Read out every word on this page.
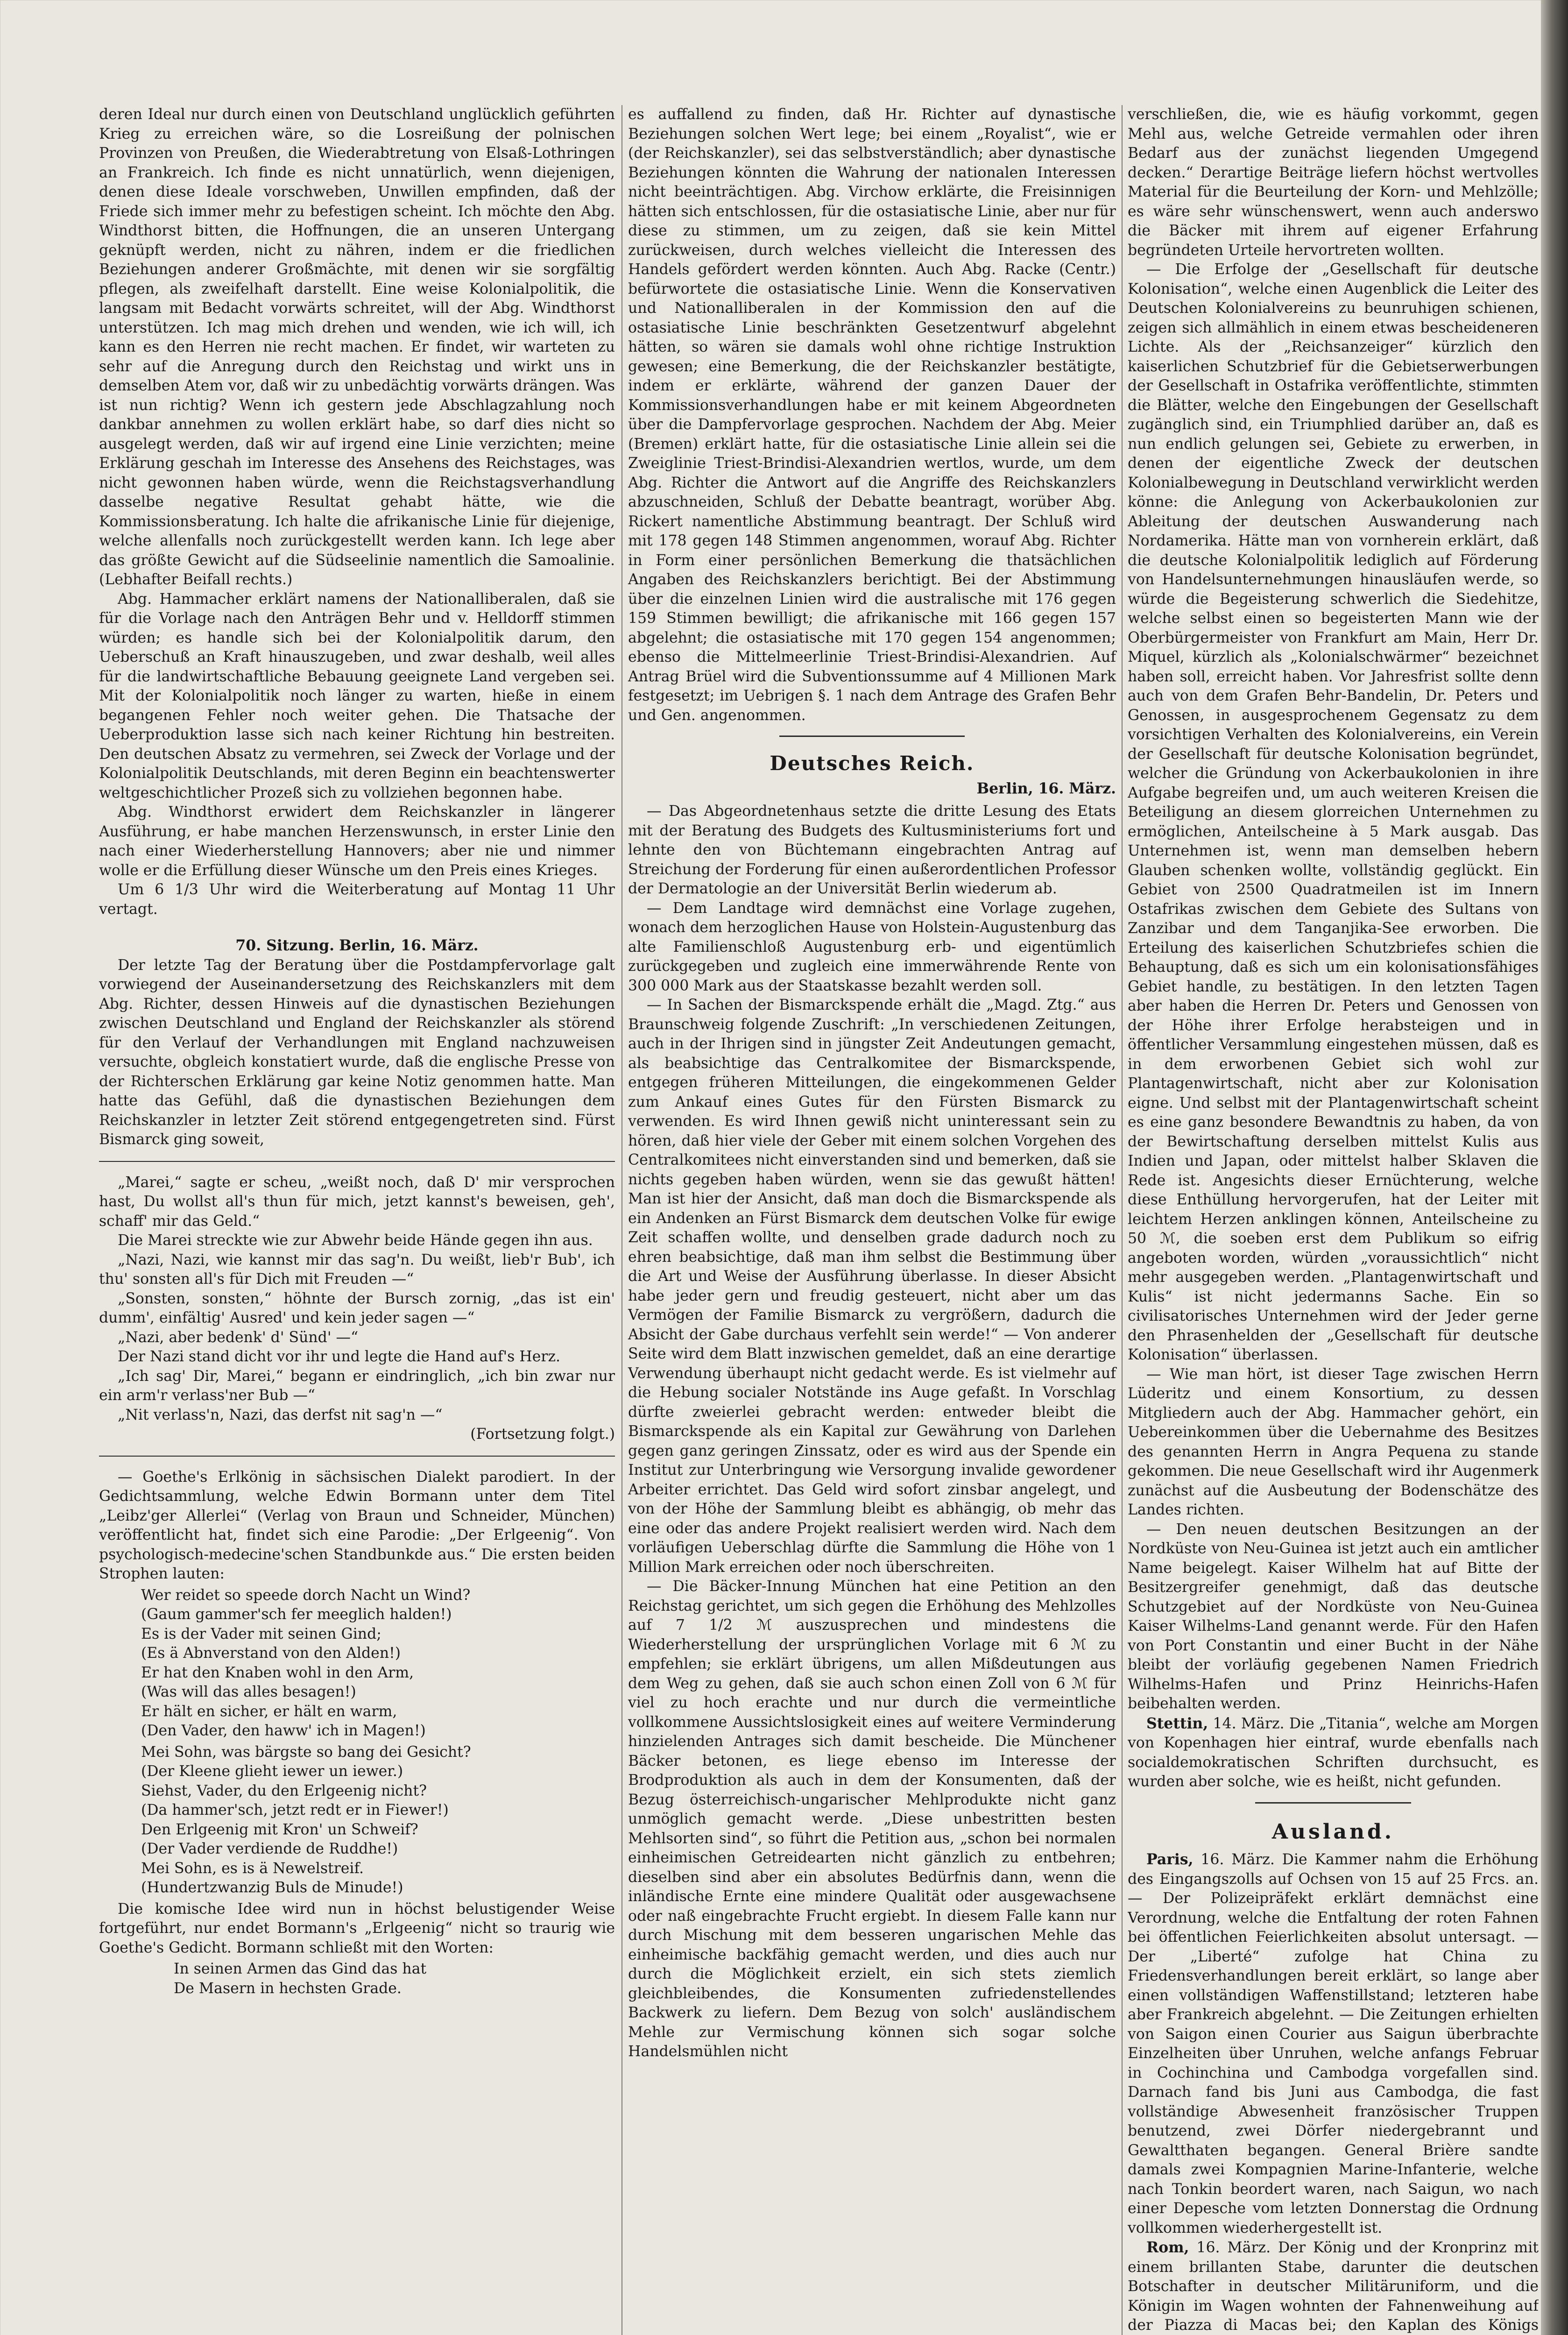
deren Ideal nur durch einen von Deutschland unglücklich geführten Krieg zu erreichen wäre, so die Losreißung der polnischen Provinzen von Preußen, die Wiederabtretung von Elsaß-Lothringen an Frankreich. Ich finde es nicht unnatürlich, wenn diejenigen, denen diese Ideale vorschweben, Unwillen empfinden, daß der Friede sich immer mehr zu befestigen scheint. Ich möchte den Abg. Windthorst bitten, die Hoffnungen, die an unseren Untergang geknüpft werden, nicht zu nähren, indem er die friedlichen Beziehungen anderer Großmächte, mit denen wir sie sorgfältig pflegen, als zweifelhaft darstellt. Eine weise Kolonialpolitik, die langsam mit Bedacht vorwärts schreitet, will der Abg. Windthorst unterstützen. Ich mag mich drehen und wenden, wie ich will, ich kann es den Herren nie recht machen. Er findet, wir warteten zu sehr auf die Anregung durch den Reichstag und wirkt uns in demselben Atem vor, daß wir zu unbedächtig vorwärts drängen. Was ist nun richtig? Wenn ich gestern jede Abschlagzahlung noch dankbar annehmen zu wollen erklärt habe, so darf dies nicht so ausgelegt werden, daß wir auf irgend eine Linie verzichten; meine Erklärung geschah im Interesse des Ansehens des Reichstages, was nicht gewonnen haben würde, wenn die Reichstagsverhandlung dasselbe negative Resultat gehabt hätte, wie die Kommissionsberatung. Ich halte die afrikanische Linie für diejenige, welche allenfalls noch zurückgestellt werden kann. Ich lege aber das größte Gewicht auf die Südseelinie namentlich die Samoalinie. (Lebhafter Beifall rechts.)

Abg. Hammacher erklärt namens der Nationalliberalen, daß sie für die Vorlage nach den Anträgen Behr und v. Helldorff stimmen würden; es handle sich bei der Kolonialpolitik darum, den Ueberschuß an Kraft hinauszugeben, und zwar deshalb, weil alles für die landwirtschaftliche Bebauung geeignete Land vergeben sei. Mit der Kolonialpolitik noch länger zu warten, hieße in einem begangenen Fehler noch weiter gehen. Die Thatsache der Ueberproduktion lasse sich nach keiner Richtung hin bestreiten. Den deutschen Absatz zu vermehren, sei Zweck der Vorlage und der Kolonialpolitik Deutschlands, mit deren Beginn ein beachtenswerter weltgeschichtlicher Prozeß sich zu vollziehen begonnen habe.

Abg. Windthorst erwidert dem Reichskanzler in längerer Ausführung, er habe manchen Herzenswunsch, in erster Linie den nach einer Wiederherstellung Hannovers; aber nie und nimmer wolle er die Erfüllung dieser Wünsche um den Preis eines Krieges.

Um 6 1/3 Uhr wird die Weiterberatung auf Montag 11 Uhr vertagt.

70. Sitzung. Berlin, 16. März.

Der letzte Tag der Beratung über die Postdampfervorlage galt vorwiegend der Auseinandersetzung des Reichskanzlers mit dem Abg. Richter, dessen Hinweis auf die dynastischen Beziehungen zwischen Deutschland und England der Reichskanzler als störend für den Verlauf der Verhandlungen mit England nachzuweisen versuchte, obgleich konstatiert wurde, daß die englische Presse von der Richterschen Erklärung gar keine Notiz genommen hatte. Man hatte das Gefühl, daß die dynastischen Beziehungen dem Reichskanzler in letzter Zeit störend entgegengetreten sind. Fürst Bismarck ging soweit,

„Marei,“ sagte er scheu, „weißt noch, daß D' mir versprochen hast, Du wollst all's thun für mich, jetzt kannst's beweisen, geh', schaff' mir das Geld.“

Die Marei streckte wie zur Abwehr beide Hände gegen ihn aus.

„Nazi, Nazi, wie kannst mir das sag'n. Du weißt, lieb'r Bub', ich thu' sonsten all's für Dich mit Freuden —“

„Sonsten, sonsten,“ höhnte der Bursch zornig, „das ist ein' dumm', einfältig' Ausred' und kein jeder sagen —“

„Nazi, aber bedenk' d' Sünd' —“

Der Nazi stand dicht vor ihr und legte die Hand auf's Herz.

„Ich sag' Dir, Marei,“ begann er eindringlich, „ich bin zwar nur ein arm'r verlass'ner Bub —“

„Nit verlass'n, Nazi, das derfst nit sag'n —“

(Fortsetzung folgt.)

— Goethe's Erlkönig in sächsischen Dialekt parodiert. In der Gedichtsammlung, welche Edwin Bormann unter dem Titel „Leibz'ger Allerlei“ (Verlag von Braun und Schneider, München) veröffentlicht hat, findet sich eine Parodie: „Der Erlgeenig“. Von psychologisch-medecine'schen Standbunkde aus.“ Die ersten beiden Strophen lauten:

Wer reidet so speede dorch Nacht un Wind?
(Gaum gammer'sch fer meeglich halden!)
Es is der Vader mit seinen Gind;
(Es ä Abnverstand von den Alden!)
Er hat den Knaben wohl in den Arm,
(Was will das alles besagen!)
Er hält en sicher, er hält en warm,
(Den Vader, den haww' ich in Magen!)
Mei Sohn, was bärgste so bang dei Gesicht?
(Der Kleene glieht iewer un iewer.)
Siehst, Vader, du den Erlgeenig nicht?
(Da hammer'sch, jetzt redt er in Fiewer!)
Den Erlgeenig mit Kron' un Schweif?
(Der Vader verdiende de Ruddhe!)
Mei Sohn, es is ä Newelstreif.
(Hundertzwanzig Buls de Minude!)

Die komische Idee wird nun in höchst belustigender Weise fortgeführt, nur endet Bormann's „Erlgeenig“ nicht so traurig wie Goethe's Gedicht. Bormann schließt mit den Worten:

In seinen Armen das Gind das hat
De Masern in hechsten Grade.

es auffallend zu finden, daß Hr. Richter auf dynastische Beziehungen solchen Wert lege; bei einem „Royalist“, wie er (der Reichskanzler), sei das selbstverständlich; aber dynastische Beziehungen könnten die Wahrung der nationalen Interessen nicht beeinträchtigen. Abg. Virchow erklärte, die Freisinnigen hätten sich entschlossen, für die ostasiatische Linie, aber nur für diese zu stimmen, um zu zeigen, daß sie kein Mittel zurückweisen, durch welches vielleicht die Interessen des Handels gefördert werden könnten. Auch Abg. Racke (Centr.) befürwortete die ostasiatische Linie. Wenn die Konservativen und Nationalliberalen in der Kommission den auf die ostasiatische Linie beschränkten Gesetzentwurf abgelehnt hätten, so wären sie damals wohl ohne richtige Instruktion gewesen; eine Bemerkung, die der Reichskanzler bestätigte, indem er erklärte, während der ganzen Dauer der Kommissionsverhandlungen habe er mit keinem Abgeordneten über die Dampfervorlage gesprochen. Nachdem der Abg. Meier (Bremen) erklärt hatte, für die ostasiatische Linie allein sei die Zweiglinie Triest-Brindisi-Alexandrien wertlos, wurde, um dem Abg. Richter die Antwort auf die Angriffe des Reichskanzlers abzuschneiden, Schluß der Debatte beantragt, worüber Abg. Rickert namentliche Abstimmung beantragt. Der Schluß wird mit 178 gegen 148 Stimmen angenommen, worauf Abg. Richter in Form einer persönlichen Bemerkung die thatsächlichen Angaben des Reichskanzlers berichtigt. Bei der Abstimmung über die einzelnen Linien wird die australische mit 176 gegen 159 Stimmen bewilligt; die afrikanische mit 166 gegen 157 abgelehnt; die ostasiatische mit 170 gegen 154 angenommen; ebenso die Mittelmeerlinie Triest-Brindisi-Alexandrien. Auf Antrag Brüel wird die Subventionssumme auf 4 Millionen Mark festgesetzt; im Uebrigen §. 1 nach dem Antrage des Grafen Behr und Gen. angenommen.

Deutsches Reich.
Berlin, 16. März.

— Das Abgeordnetenhaus setzte die dritte Lesung des Etats mit der Beratung des Budgets des Kultusministeriums fort und lehnte den von Büchtemann eingebrachten Antrag auf Streichung der Forderung für einen außerordentlichen Professor der Dermatologie an der Universität Berlin wiederum ab.

— Dem Landtage wird demnächst eine Vorlage zugehen, wonach dem herzoglichen Hause von Holstein-Augustenburg das alte Familienschloß Augustenburg erb- und eigentümlich zurückgegeben und zugleich eine immerwährende Rente von 300 000 Mark aus der Staatskasse bezahlt werden soll.

— In Sachen der Bismarckspende erhält die „Magd. Ztg.“ aus Braunschweig folgende Zuschrift: „In verschiedenen Zeitungen, auch in der Ihrigen sind in jüngster Zeit Andeutungen gemacht, als beabsichtige das Centralkomitee der Bismarckspende, entgegen früheren Mitteilungen, die eingekommenen Gelder zum Ankauf eines Gutes für den Fürsten Bismarck zu verwenden. Es wird Ihnen gewiß nicht uninteressant sein zu hören, daß hier viele der Geber mit einem solchen Vorgehen des Centralkomitees nicht einverstanden sind und bemerken, daß sie nichts gegeben haben würden, wenn sie das gewußt hätten! Man ist hier der Ansicht, daß man doch die Bismarckspende als ein Andenken an Fürst Bismarck dem deutschen Volke für ewige Zeit schaffen wollte, und denselben grade dadurch noch zu ehren beabsichtige, daß man ihm selbst die Bestimmung über die Art und Weise der Ausführung überlasse. In dieser Absicht habe jeder gern und freudig gesteuert, nicht aber um das Vermögen der Familie Bismarck zu vergrößern, dadurch die Absicht der Gabe durchaus verfehlt sein werde!“ — Von anderer Seite wird dem Blatt inzwischen gemeldet, daß an eine derartige Verwendung überhaupt nicht gedacht werde. Es ist vielmehr auf die Hebung socialer Notstände ins Auge gefaßt. In Vorschlag dürfte zweierlei gebracht werden: entweder bleibt die Bismarckspende als ein Kapital zur Gewährung von Darlehen gegen ganz geringen Zinssatz, oder es wird aus der Spende ein Institut zur Unterbringung wie Versorgung invalide gewordener Arbeiter errichtet. Das Geld wird sofort zinsbar angelegt, und von der Höhe der Sammlung bleibt es abhängig, ob mehr das eine oder das andere Projekt realisiert werden wird. Nach dem vorläufigen Ueberschlag dürfte die Sammlung die Höhe von 1 Million Mark erreichen oder noch überschreiten.

— Die Bäcker-Innung München hat eine Petition an den Reichstag gerichtet, um sich gegen die Erhöhung des Mehlzolles auf 7 1/2 ℳ auszusprechen und mindestens die Wiederherstellung der ursprünglichen Vorlage mit 6 ℳ zu empfehlen; sie erklärt übrigens, um allen Mißdeutungen aus dem Weg zu gehen, daß sie auch schon einen Zoll von 6 ℳ für viel zu hoch erachte und nur durch die vermeintliche vollkommene Aussichtslosigkeit eines auf weitere Verminderung hinzielenden Antrages sich damit bescheide. Die Münchener Bäcker betonen, es liege ebenso im Interesse der Brodproduktion als auch in dem der Konsumenten, daß der Bezug österreichisch-ungarischer Mehlprodukte nicht ganz unmöglich gemacht werde. „Diese unbestritten besten Mehlsorten sind“, so führt die Petition aus, „schon bei normalen einheimischen Getreidearten nicht gänzlich zu entbehren; dieselben sind aber ein absolutes Bedürfnis dann, wenn die inländische Ernte eine mindere Qualität oder ausgewachsene oder naß eingebrachte Frucht ergiebt. In diesem Falle kann nur durch Mischung mit dem besseren ungarischen Mehle das einheimische backfähig gemacht werden, und dies auch nur durch die Möglichkeit erzielt, ein sich stets ziemlich gleichbleibendes, die Konsumenten zufriedenstellendes Backwerk zu liefern. Dem Bezug von solch' ausländischem Mehle zur Vermischung können sich sogar solche Handelsmühlen nicht

verschließen, die, wie es häufig vorkommt, gegen Mehl aus, welche Getreide vermahlen oder ihren Bedarf aus der zunächst liegenden Umgegend decken.“ Derartige Beiträge liefern höchst wertvolles Material für die Beurteilung der Korn- und Mehlzölle; es wäre sehr wünschenswert, wenn auch anderswo die Bäcker mit ihrem auf eigener Erfahrung begründeten Urteile hervortreten wollten.

— Die Erfolge der „Gesellschaft für deutsche Kolonisation“, welche einen Augenblick die Leiter des Deutschen Kolonialvereins zu beunruhigen schienen, zeigen sich allmählich in einem etwas bescheideneren Lichte. Als der „Reichsanzeiger“ kürzlich den kaiserlichen Schutzbrief für die Gebietserwerbungen der Gesellschaft in Ostafrika veröffentlichte, stimmten die Blätter, welche den Eingebungen der Gesellschaft zugänglich sind, ein Triumphlied darüber an, daß es nun endlich gelungen sei, Gebiete zu erwerben, in denen der eigentliche Zweck der deutschen Kolonialbewegung in Deutschland verwirklicht werden könne: die Anlegung von Ackerbaukolonien zur Ableitung der deutschen Auswanderung nach Nordamerika. Hätte man von vornherein erklärt, daß die deutsche Kolonialpolitik lediglich auf Förderung von Handelsunternehmungen hinausläufen werde, so würde die Begeisterung schwerlich die Siedehitze, welche selbst einen so begeisterten Mann wie der Oberbürgermeister von Frankfurt am Main, Herr Dr. Miquel, kürzlich als „Kolonialschwärmer“ bezeichnet haben soll, erreicht haben. Vor Jahresfrist sollte denn auch von dem Grafen Behr-Bandelin, Dr. Peters und Genossen, in ausgesprochenem Gegensatz zu dem vorsichtigen Verhalten des Kolonialvereins, ein Verein der Gesellschaft für deutsche Kolonisation begründet, welcher die Gründung von Ackerbaukolonien in ihre Aufgabe begreifen und, um auch weiteren Kreisen die Beteiligung an diesem glorreichen Unternehmen zu ermöglichen, Anteilscheine à 5 Mark ausgab. Das Unternehmen ist, wenn man demselben hebern Glauben schenken wollte, vollständig geglückt. Ein Gebiet von 2500 Quadratmeilen ist im Innern Ostafrikas zwischen dem Gebiete des Sultans von Zanzibar und dem Tanganjika-See erworben. Die Erteilung des kaiserlichen Schutzbriefes schien die Behauptung, daß es sich um ein kolonisationsfähiges Gebiet handle, zu bestätigen. In den letzten Tagen aber haben die Herren Dr. Peters und Genossen von der Höhe ihrer Erfolge herabsteigen und in öffentlicher Versammlung eingestehen müssen, daß es in dem erworbenen Gebiet sich wohl zur Plantagenwirtschaft, nicht aber zur Kolonisation eigne. Und selbst mit der Plantagenwirtschaft scheint es eine ganz besondere Bewandtnis zu haben, da von der Bewirtschaftung derselben mittelst Kulis aus Indien und Japan, oder mittelst halber Sklaven die Rede ist. Angesichts dieser Ernüchterung, welche diese Enthüllung hervorgerufen, hat der Leiter mit leichtem Herzen anklingen können, Anteilscheine zu 50 ℳ, die soeben erst dem Publikum so eifrig angeboten worden, würden „voraussichtlich“ nicht mehr ausgegeben werden. „Plantagenwirtschaft und Kulis“ ist nicht jedermanns Sache. Ein so civilisatorisches Unternehmen wird der Jeder gerne den Phrasenhelden der „Gesellschaft für deutsche Kolonisation“ überlassen.

— Wie man hört, ist dieser Tage zwischen Herrn Lüderitz und einem Konsortium, zu dessen Mitgliedern auch der Abg. Hammacher gehört, ein Uebereinkommen über die Uebernahme des Besitzes des genannten Herrn in Angra Pequena zu stande gekommen. Die neue Gesellschaft wird ihr Augenmerk zunächst auf die Ausbeutung der Bodenschätze des Landes richten.

— Den neuen deutschen Besitzungen an der Nordküste von Neu-Guinea ist jetzt auch ein amtlicher Name beigelegt. Kaiser Wilhelm hat auf Bitte der Besitzergreifer genehmigt, daß das deutsche Schutzgebiet auf der Nordküste von Neu-Guinea Kaiser Wilhelms-Land genannt werde. Für den Hafen von Port Constantin und einer Bucht in der Nähe bleibt der vorläufig gegebenen Namen Friedrich Wilhelms-Hafen und Prinz Heinrichs-Hafen beibehalten werden.

Stettin, 14. März. Die „Titania“, welche am Morgen von Kopenhagen hier eintraf, wurde ebenfalls nach socialdemokratischen Schriften durchsucht, es wurden aber solche, wie es heißt, nicht gefunden.

Ausland.

Paris, 16. März. Die Kammer nahm die Erhöhung des Eingangszolls auf Ochsen von 15 auf 25 Frcs. an. — Der Polizeipräfekt erklärt demnächst eine Verordnung, welche die Entfaltung der roten Fahnen bei öffentlichen Feierlichkeiten absolut untersagt. — Der „Liberté“ zufolge hat China zu Friedensverhandlungen bereit erklärt, so lange aber einen vollständigen Waffenstillstand; letzteren habe aber Frankreich abgelehnt. — Die Zeitungen erhielten von Saigon einen Courier aus Saigun überbrachte Einzelheiten über Unruhen, welche anfangs Februar in Cochinchina und Cambodga vorgefallen sind. Darnach fand bis Juni aus Cambodga, die fast vollständige Abwesenheit französischer Truppen benutzend, zwei Dörfer niedergebrannt und Gewaltthaten begangen. General Brière sandte damals zwei Kompagnien Marine-Infanterie, welche nach Tonkin beordert waren, nach Saigun, wo nach einer Depesche vom letzten Donnerstag die Ordnung vollkommen wiederhergestellt ist.

Rom, 16. März. Der König und der Kronprinz mit einem brillanten Stabe, darunter die deutschen Botschafter in deutscher Militäruniform, und die Königin im Wagen wohnten der Fahnenweihung auf der Piazza di Macas bei; den Kaplan des Königs
